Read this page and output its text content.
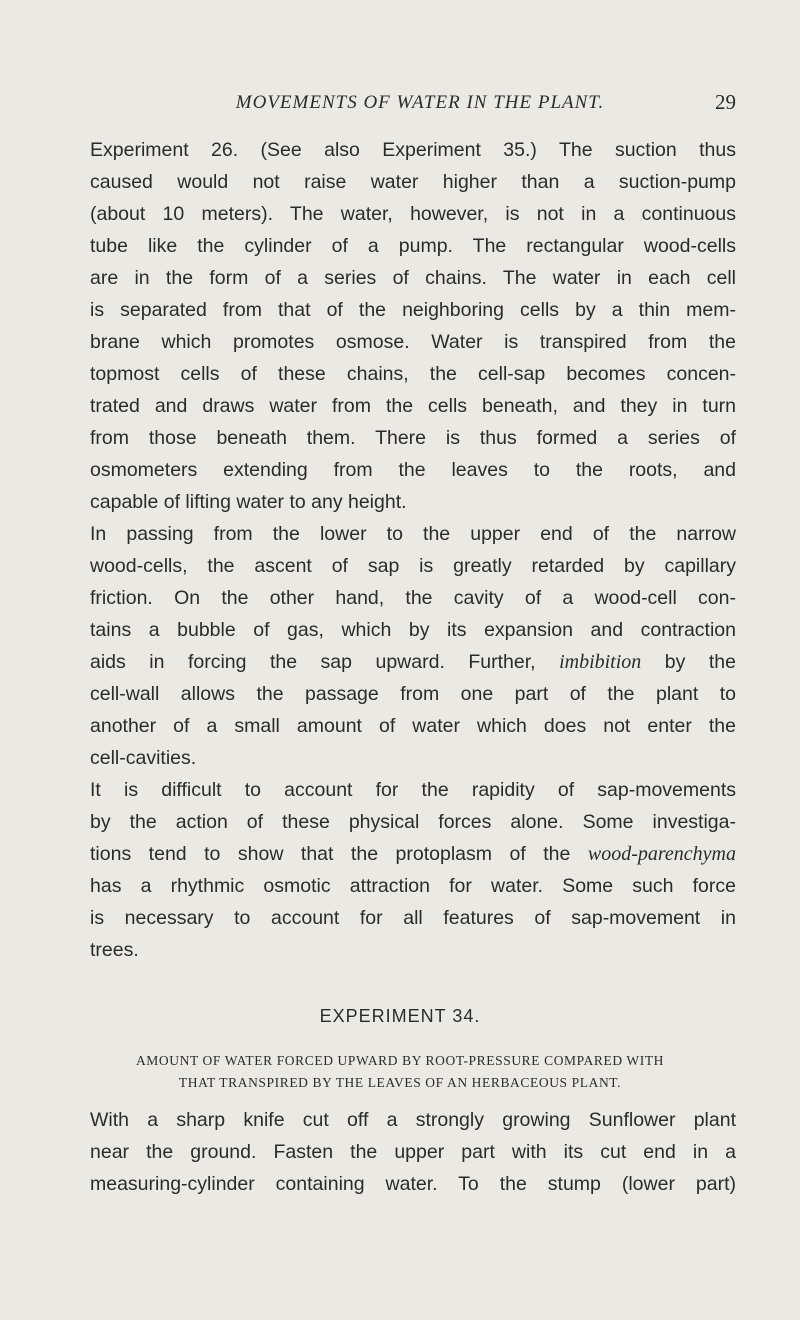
MOVEMENTS OF WATER IN THE PLANT.	29

Experiment 26. (See also Experiment 35.) The suction thus
caused would not raise water higher than a suction-pump
(about 10 meters). The water, however, is not in a continuous
tube like the cylinder of a pump. The rectangular wood-cells
are in the form of a series of chains. The water in each cell
is separated from that of the neighboring cells by a thin mem-
brane which promotes osmose. Water is transpired from the
topmost cells of these chains, the cell-sap becomes concen-
trated and draws water from the cells beneath, and they in turn
from those beneath them. There is thus formed a series of
osmometers extending from the leaves to the roots, and
capable of lifting water to any height.

In passing from the lower to the upper end of the narrow
wood-cells, the ascent of sap is greatly retarded by capillary
friction. On the other hand, the cavity of a wood-cell con-
tains a bubble of gas, which by its expansion and contraction
aids in forcing the sap upward. Further, imbibition by the
cell-wall allows the passage from one part of the plant to
another of a small amount of water which does not enter the
cell-cavities.

It is difficult to account for the rapidity of sap-movements
by the action of these physical forces alone. Some investiga-
tions tend to show that the protoplasm of the wood-parenchyma
has a rhythmic osmotic attraction for water. Some such force
is necessary to account for all features of sap-movement in
trees.

EXPERIMENT 34.
AMOUNT OF WATER FORCED UPWARD BY ROOT-PRESSURE COMPARED WITH
THAT TRANSPIRED BY THE LEAVES OF AN HERBACEOUS PLANT.

With a sharp knife cut off a strongly growing Sunflower plant
near the ground. Fasten the upper part with its cut end in a
measuring-cylinder containing water. To the stump (lower part)
